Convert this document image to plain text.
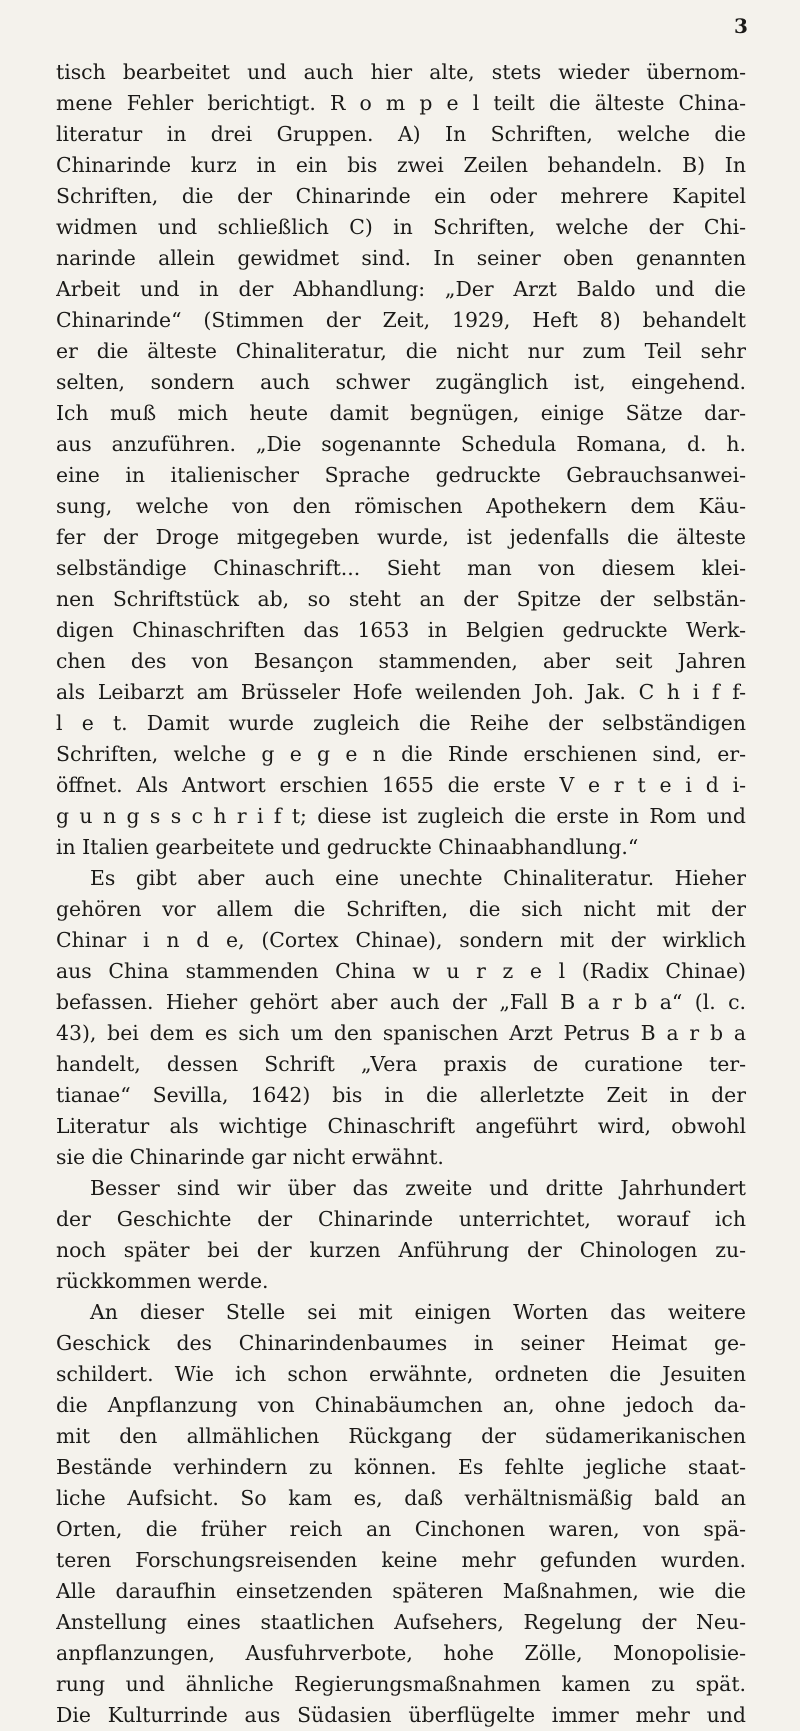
3
tisch bearbeitet und auch hier alte, stets wieder übernom-
mene Fehler berichtigt. R o m p e l teilt die älteste China-
literatur in drei Gruppen. A) In Schriften, welche die
Chinarinde kurz in ein bis zwei Zeilen behandeln. B) In
Schriften, die der Chinarinde ein oder mehrere Kapitel
widmen und schließlich C) in Schriften, welche der Chi-
narinde allein gewidmet sind. In seiner oben genannten
Arbeit und in der Abhandlung: „Der Arzt Baldo und die
Chinarinde“ (Stimmen der Zeit, 1929, Heft 8) behandelt
er die älteste Chinaliteratur, die nicht nur zum Teil sehr
selten, sondern auch schwer zugänglich ist, eingehend.
Ich muß mich heute damit begnügen, einige Sätze dar-
aus anzuführen. „Die sogenannte Schedula Romana, d. h.
eine in italienischer Sprache gedruckte Gebrauchsanwei-
sung, welche von den römischen Apothekern dem Käu-
fer der Droge mitgegeben wurde, ist jedenfalls die älteste
selbständige Chinaschrift... Sieht man von diesem klei-
nen Schriftstück ab, so steht an der Spitze der selbstän-
digen Chinaschriften das 1653 in Belgien gedruckte Werk-
chen des von Besançon stammenden, aber seit Jahren
als Leibarzt am Brüsseler Hofe weilenden Joh. Jak. C h i f f-
l e t. Damit wurde zugleich die Reihe der selbständigen
Schriften, welche g e g e n die Rinde erschienen sind, er-
öffnet. Als Antwort erschien 1655 die erste V e r t e i d i-
g u n g s s c h r i f t; diese ist zugleich die erste in Rom und
in Italien gearbeitete und gedruckte Chinaabhandlung.“
Es gibt aber auch eine unechte Chinaliteratur. Hieher
gehören vor allem die Schriften, die sich nicht mit der
Chinar i n d e, (Cortex Chinae), sondern mit der wirklich
aus China stammenden China w u r z e l (Radix Chinae)
befassen. Hieher gehört aber auch der „Fall B a r b a“ (l. c.
43), bei dem es sich um den spanischen Arzt Petrus B a r b a
handelt, dessen Schrift „Vera praxis de curatione ter-
tianae“ Sevilla, 1642) bis in die allerletzte Zeit in der
Literatur als wichtige Chinaschrift angeführt wird, obwohl
sie die Chinarinde gar nicht erwähnt.
Besser sind wir über das zweite und dritte Jahrhundert
der Geschichte der Chinarinde unterrichtet, worauf ich
noch später bei der kurzen Anführung der Chinologen zu-
rückkommen werde.
An dieser Stelle sei mit einigen Worten das weitere
Geschick des Chinarindenbaumes in seiner Heimat ge-
schildert. Wie ich schon erwähnte, ordneten die Jesuiten
die Anpflanzung von Chinabäumchen an, ohne jedoch da-
mit den allmählichen Rückgang der südamerikanischen
Bestände verhindern zu können. Es fehlte jegliche staat-
liche Aufsicht. So kam es, daß verhältnismäßig bald an
Orten, die früher reich an Cinchonen waren, von spä-
teren Forschungsreisenden keine mehr gefunden wurden.
Alle daraufhin einsetzenden späteren Maßnahmen, wie die
Anstellung eines staatlichen Aufsehers, Regelung der Neu-
anpflanzungen, Ausfuhrverbote, hohe Zölle, Monopolisie-
rung und ähnliche Regierungsmaßnahmen kamen zu spät.
Die Kulturrinde aus Südasien überflügelte immer mehr und
